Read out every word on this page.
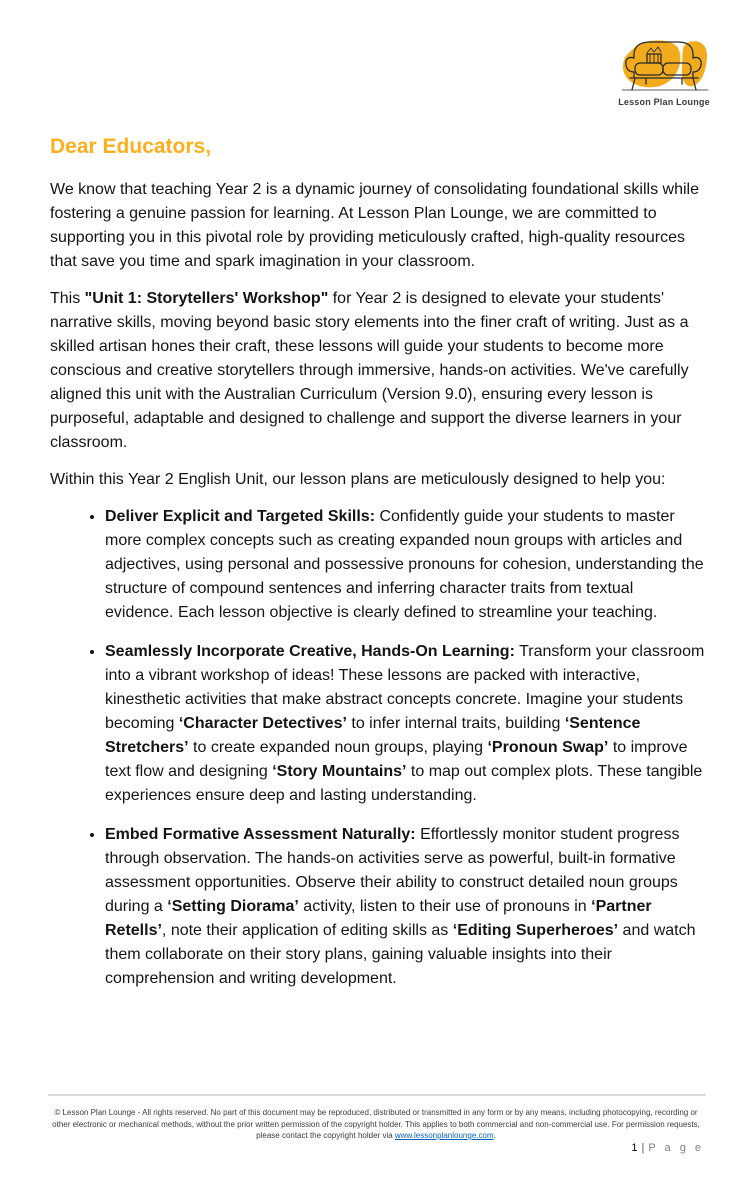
Lesson Plan Lounge
Dear Educators,

We know that teaching Year 2 is a dynamic journey of consolidating foundational skills while fostering a genuine passion for learning. At Lesson Plan Lounge, we are committed to supporting you in this pivotal role by providing meticulously crafted, high-quality resources that save you time and spark imagination in your classroom.

This "Unit 1: Storytellers' Workshop" for Year 2 is designed to elevate your students' narrative skills, moving beyond basic story elements into the finer craft of writing. Just as a skilled artisan hones their craft, these lessons will guide your students to become more conscious and creative storytellers through immersive, hands-on activities. We've carefully aligned this unit with the Australian Curriculum (Version 9.0), ensuring every lesson is purposeful, adaptable and designed to challenge and support the diverse learners in your classroom.

Within this Year 2 English Unit, our lesson plans are meticulously designed to help you:

• Deliver Explicit and Targeted Skills: Confidently guide your students to master more complex concepts such as creating expanded noun groups with articles and adjectives, using personal and possessive pronouns for cohesion, understanding the structure of compound sentences and inferring character traits from textual evidence. Each lesson objective is clearly defined to streamline your teaching.
• Seamlessly Incorporate Creative, Hands-On Learning: Transform your classroom into a vibrant workshop of ideas! These lessons are packed with interactive, kinesthetic activities that make abstract concepts concrete. Imagine your students becoming ‘Character Detectives’ to infer internal traits, building ‘Sentence Stretchers’ to create expanded noun groups, playing ‘Pronoun Swap’ to improve text flow and designing ‘Story Mountains’ to map out complex plots. These tangible experiences ensure deep and lasting understanding.
• Embed Formative Assessment Naturally: Effortlessly monitor student progress through observation. The hands-on activities serve as powerful, built-in formative assessment opportunities. Observe their ability to construct detailed noun groups during a ‘Setting Diorama’ activity, listen to their use of pronouns in ‘Partner Retells’, note their application of editing skills as ‘Editing Superheroes’ and watch them collaborate on their story plans, gaining valuable insights into their comprehension and writing development.
© Lesson Plan Lounge - All rights reserved. No part of this document may be reproduced, distributed or transmitted in any form or by any means, including photocopying, recording or other electronic or mechanical methods, without the prior written permission of the copyright holder. This applies to both commercial and non-commercial use. For permission requests, please contact the copyright holder via www.lessonplanlounge.com.
1 | P a g e
